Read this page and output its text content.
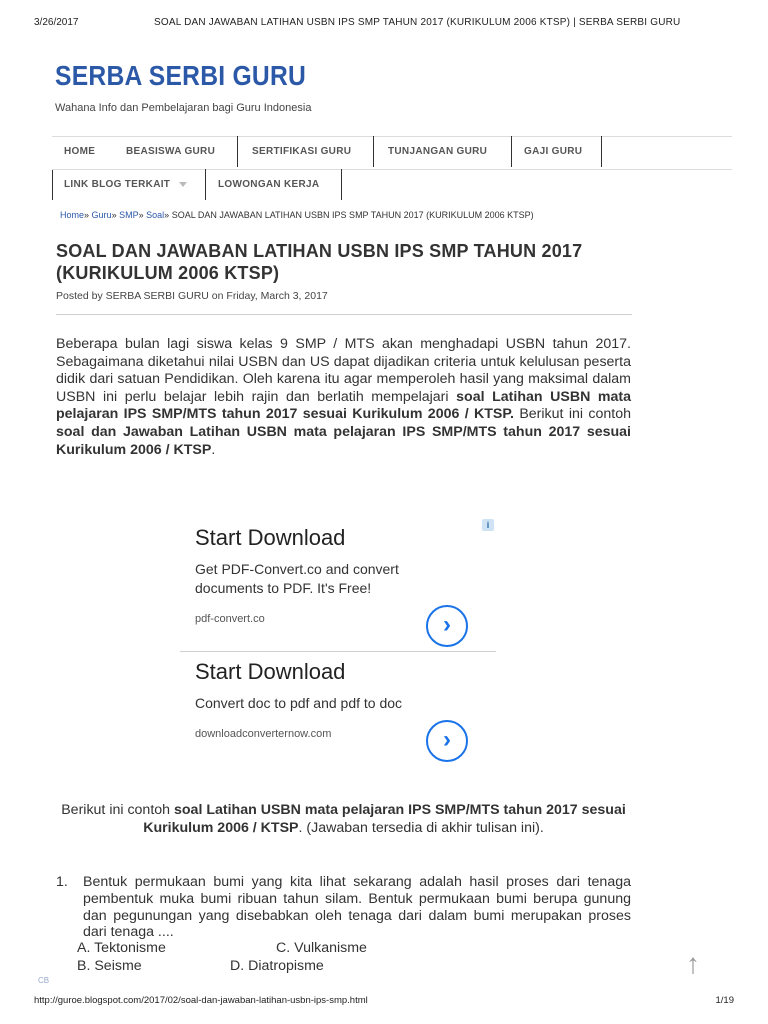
3/26/2017	SOAL DAN JAWABAN LATIHAN USBN IPS SMP TAHUN 2017 (KURIKULUM 2006 KTSP) | SERBA SERBI GURU
SERBA SERBI GURU
Wahana Info dan Pembelajaran bagi Guru Indonesia
HOME	BEASISWA GURU	SERTIFIKASI GURU	TUNJANGAN GURU	GAJI GURU
LINK BLOG TERKAIT	LOWONGAN KERJA
Home» Guru» SMP» Soal» SOAL DAN JAWABAN LATIHAN USBN IPS SMP TAHUN 2017 (KURIKULUM 2006 KTSP)
SOAL DAN JAWABAN LATIHAN USBN IPS SMP TAHUN 2017 (KURIKULUM 2006 KTSP)
Posted by SERBA SERBI GURU on Friday, March 3, 2017

Beberapa bulan lagi siswa kelas 9 SMP / MTS akan menghadapi USBN tahun 2017. Sebagaimana diketahui nilai USBN dan US dapat dijadikan criteria untuk kelulusan peserta didik dari satuan Pendidikan. Oleh karena itu agar memperoleh hasil yang maksimal dalam USBN ini perlu belajar lebih rajin dan berlatih mempelajari soal Latihan USBN mata pelajaran IPS SMP/MTS tahun 2017 sesuai Kurikulum 2006 / KTSP. Berikut ini contoh soal dan Jawaban Latihan USBN mata pelajaran IPS SMP/MTS tahun 2017 sesuai Kurikulum 2006 / KTSP.

i
Start Download
Get PDF-Convert.co and convert documents to PDF. It's Free!
pdf-convert.co	›
Start Download
Convert doc to pdf and pdf to doc
downloadconverternow.com	›

Berikut ini contoh soal Latihan USBN mata pelajaran IPS SMP/MTS tahun 2017 sesuai Kurikulum 2006 / KTSP. (Jawaban tersedia di akhir tulisan ini).

1. Bentuk permukaan bumi yang kita lihat sekarang adalah hasil proses dari tenaga pembentuk muka bumi ribuan tahun silam. Bentuk permukaan bumi berupa gunung dan pegunungan yang disebabkan oleh tenaga dari dalam bumi merupakan proses dari tenaga ....
A. Tektonisme	C. Vulkanisme
B. Seisme	D. Diatropisme	↑
CB
http://guroe.blogspot.com/2017/02/soal-dan-jawaban-latihan-usbn-ips-smp.html	1/19
